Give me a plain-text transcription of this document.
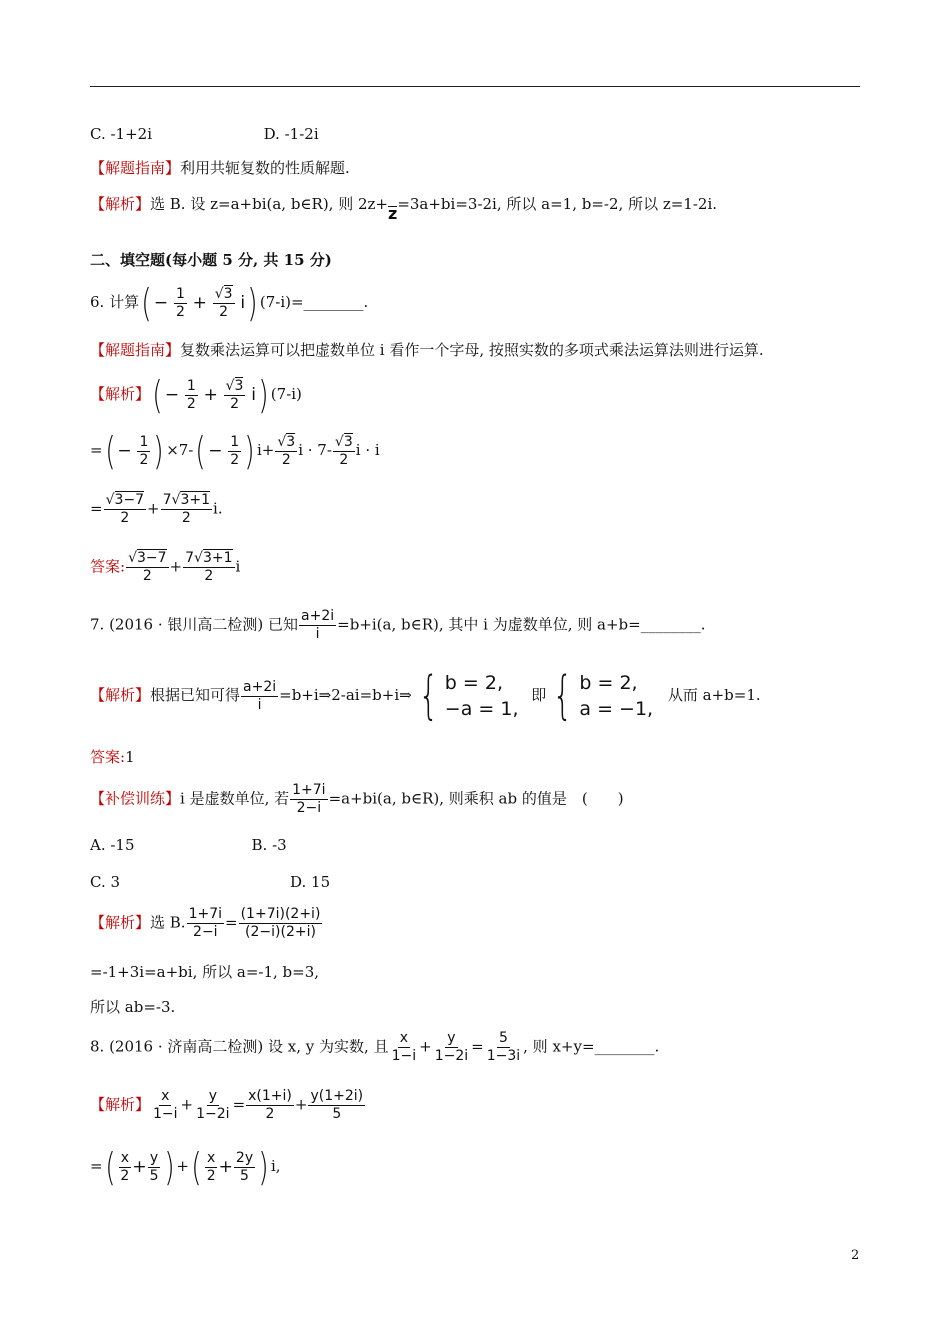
C. -1+2i	D. -1-2i
【解题指南】利用共轭复数的性质解题.
【解析】选 B. 设 z=a+bi(a, b∈R), 则 2z+z=3a+bi=3-2i, 所以 a=1, b=-2, 所以 z=1-2i.
二、填空题(每小题 5 分, 共 15 分)
6. 计算( − $\frac{1}{2} + \frac{√3}{2} i$) (7-i)=________.
【解题指南】复数乘法运算可以把虚数单位 i 看作一个字母, 按照实数的多项式乘法运算法则进行运算.
【解析】( − $\frac{1}{2} + \frac{√3}{2} i$) (7-i)
=( − $\frac{1}{2}$ ) $\times 7-( - \frac{1}{2}$ ) $i+ \frac{√3}{2}$ $i \cdot 7- \frac{√3}{2}$ i · i
= $\frac{√3-7}{2} + \frac{7√3+1}{2} i$.
答案: $\frac{√3-7}{2} + \frac{7√3+1}{2}$ i
7. (2016 · 银川高二检测) 已知 $\frac{a+2i}{i} =b+i(a$, b∈R), 其中 i 为虚数单位, 则 a+b=________.
【解析】根据已知可得 $\frac{a+2i}{i}$ =b+i⇒2-ai=b+i⇒ { b = 2,
−a = 1,
即 { b = 2,
a = −1,
从而 a+b=1.
答案:1
【补偿训练】i 是虚数单位, 若 $\frac{1+7i}{2-i} =a+bi(a$, b∈R), 则乘积 ab 的值是　(　　)
A. -15	B. -3
C. 3	D. 15
【解析】选 B. $\frac{1+7i}{2-i} = \frac{(1+7i)(2+i)}{(2-i)(2+i)}$
=-1+3i=a+bi, 所以 a=-1, b=3,
所以 ab=-3.
8. (2016 · 济南高二检测) 设 x, y 为实数, 且 $\frac{x}{1-i} + \frac{y}{1-2i} = \frac{5}{1-3i}$ , 则 x+y=________.
【解析】 $\frac{x}{1-i} + \frac{y}{1-2i} = \frac{x(1+i)}{2} + \frac{y(1+2i)}{5}$
=( $\frac{x}{2} + \frac{y}{5}$ ) +( $\frac{x}{2} + \frac{2y}{5}$ ) i,
2
